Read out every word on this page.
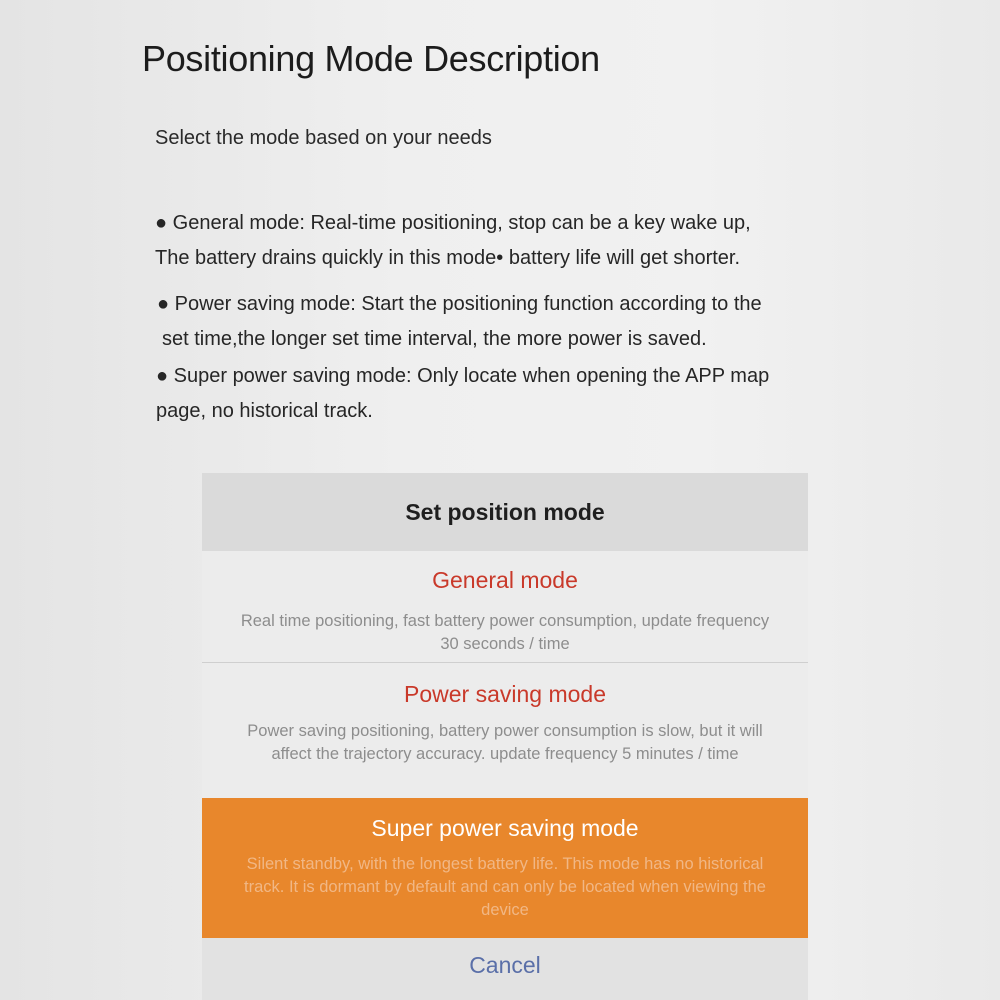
Positioning Mode Description

Select the mode based on your needs

● General mode: Real-time positioning, stop can be a key wake up,
The battery drains quickly in this mode• battery life will get shorter.

● Power saving mode: Start the positioning function according to the
set time,the longer set time interval, the more power is saved.

● Super power saving mode: Only locate when opening the APP map
page, no historical track.

Set position mode
General mode
Real time positioning, fast battery power consumption, update frequency 30 seconds / time
Power saving mode
Power saving positioning, battery power consumption is slow, but it will affect the trajectory accuracy. update frequency 5 minutes / time
Super power saving mode
Silent standby, with the longest battery life. This mode has no historical track. It is dormant by default and can only be located when viewing the device
Cancel
